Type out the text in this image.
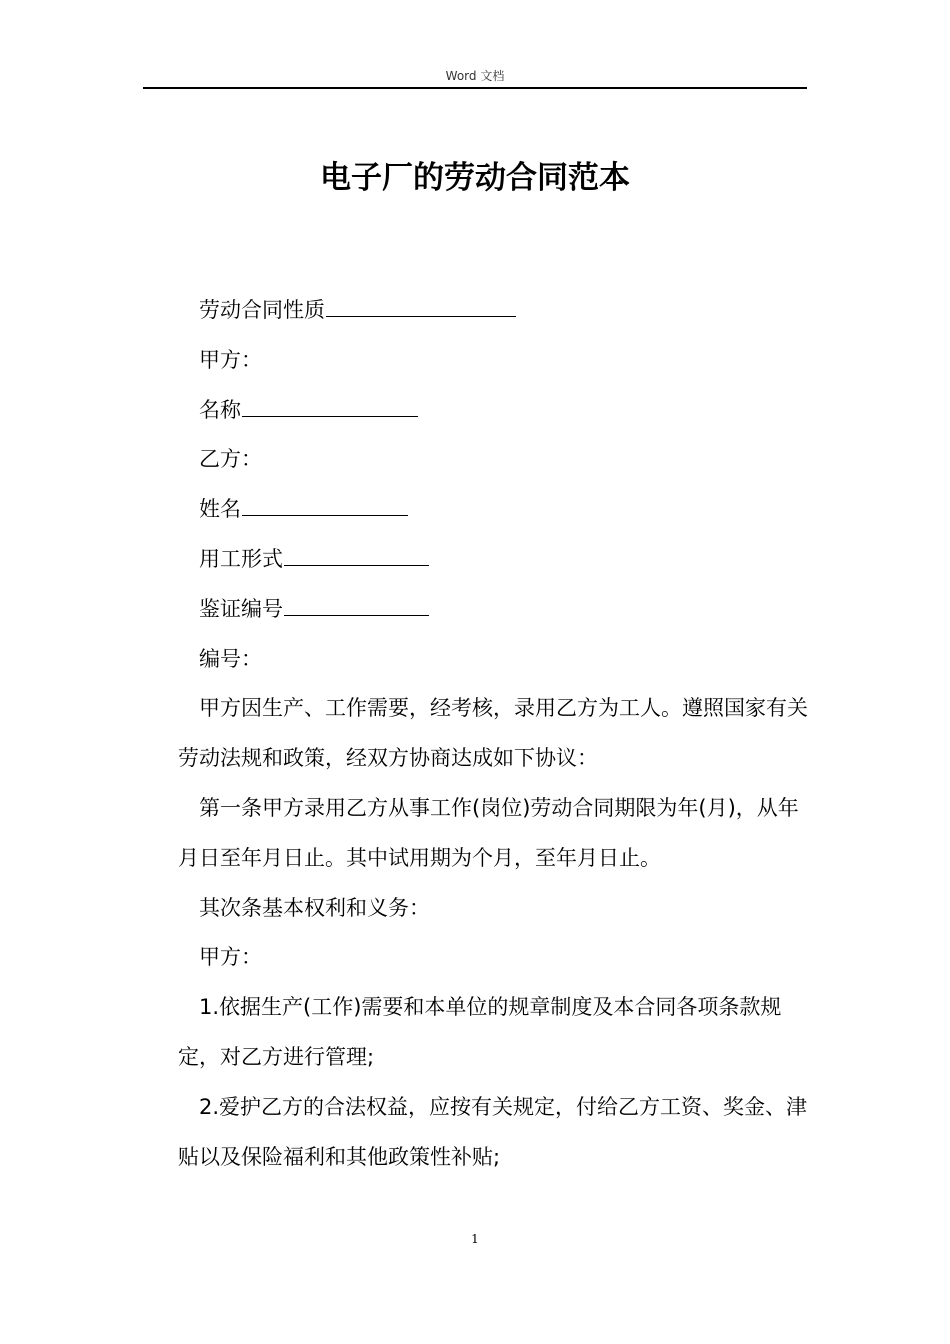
Word 文档
电子厂的劳动合同范本

劳动合同性质

甲方：

名称

乙方：

姓名

用工形式

鉴证编号

编号：

甲方因生产、工作需要，经考核，录用乙方为工人。遵照国家有关劳动法规和政策，经双方协商达成如下协议：

第一条甲方录用乙方从事工作(岗位)劳动合同期限为年(月)，从年月日至年月日止。其中试用期为个月，至年月日止。

其次条基本权利和义务：

甲方：

1.依据生产(工作)需要和本单位的规章制度及本合同各项条款规定，对乙方进行管理;

2.爱护乙方的合法权益，应按有关规定，付给乙方工资、奖金、津贴以及保险福利和其他政策性补贴;

1
